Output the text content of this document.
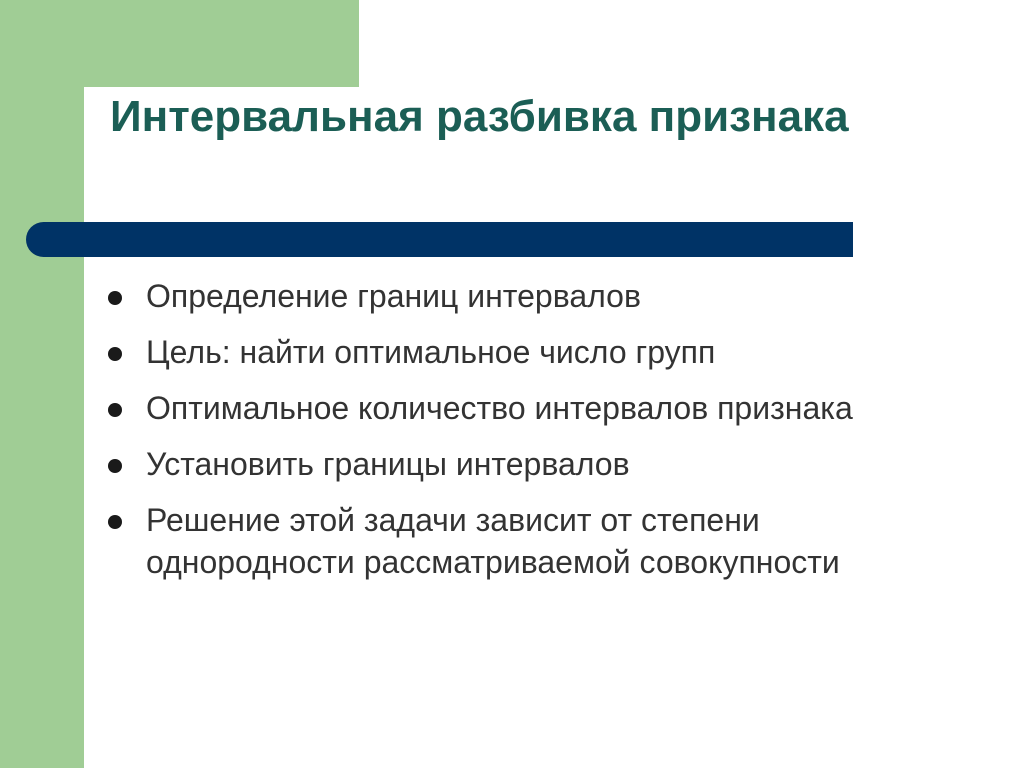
Интервальная разбивка признака
Определение границ интервалов
Цель: найти оптимальное число групп
Оптимальное количество интервалов признака
Установить границы интервалов
Решение этой задачи зависит от степени однородности рассматриваемой совокупности
